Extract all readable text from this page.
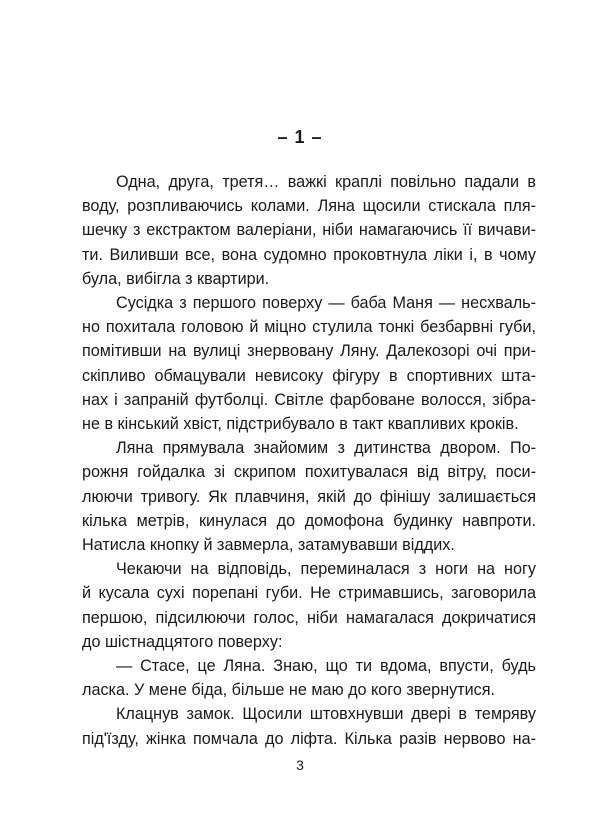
– 1 –
Одна, друга, третя… важкі краплі повільно падали в
воду, розпливаючись колами. Ляна щосили стискала пля-
шечку з екстрактом валеріани, ніби намагаючись її вичави-
ти. Виливши все, вона судомно проковтнула ліки і, в чому
була, вибігла з квартири.
Сусідка з першого поверху — баба Маня — несхваль-
но похитала головою й міцно стулила тонкі безбарвні губи,
помітивши на вулиці знервовану Ляну. Далекозорі очі при-
скіпливо обмацували невисоку фігуру в спортивних шта-
нах і запраній футболці. Світле фарбоване волосся, зібра-
не в кінський хвіст, підстрибувало в такт квапливих кроків.
Ляна прямувала знайомим з дитинства двором. По-
рожня гойдалка зі скрипом похитувалася від вітру, поси-
люючи тривогу. Як плавчиня, якій до фінішу залишається
кілька метрів, кинулася до домофона будинку навпроти.
Натисла кнопку й завмерла, затамувавши віддих.
Чекаючи на відповідь, переминалася з ноги на ногу
й кусала сухі порепані губи. Не стримавшись, заговорила
першою, підсилюючи голос, ніби намагалася докричатися
до шістнадцятого поверху:
— Стасе, це Ляна. Знаю, що ти вдома, впусти, будь
ласка. У мене біда, більше не маю до кого звернутися.
Клацнув замок. Щосили штовхнувши двері в темряву
під'їзду, жінка помчала до ліфта. Кілька разів нервово на-

3
